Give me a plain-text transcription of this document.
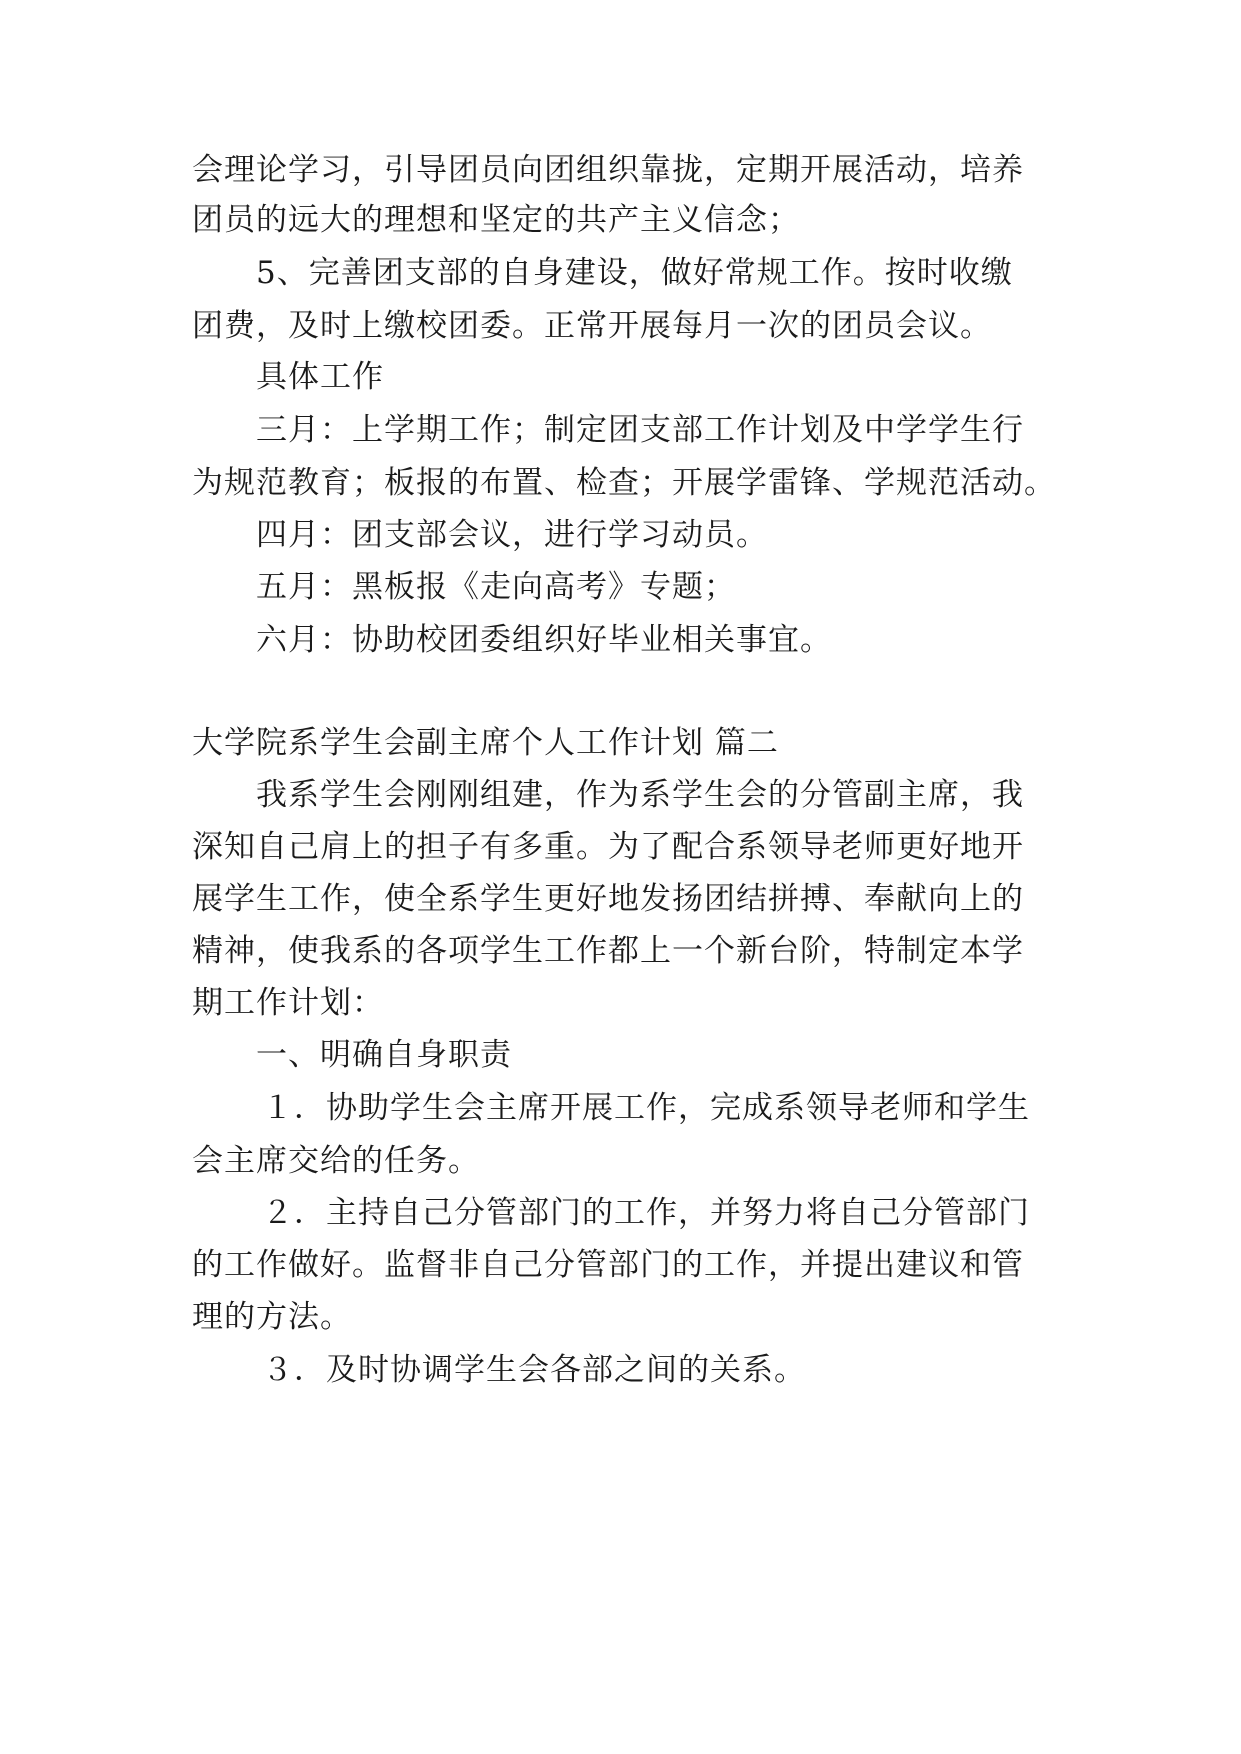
会理论学习，引导团员向团组织靠拢，定期开展活动，培养
团员的远大的理想和坚定的共产主义信念；
5、完善团支部的自身建设，做好常规工作。按时收缴
团费，及时上缴校团委。正常开展每月一次的团员会议。
具体工作
三月：上学期工作；制定团支部工作计划及中学学生行
为规范教育；板报的布置、检查；开展学雷锋、学规范活动。
四月：团支部会议，进行学习动员。
五月：黑板报《走向高考》专题；
六月：协助校团委组织好毕业相关事宜。
大学院系学生会副主席个人工作计划 篇二
我系学生会刚刚组建，作为系学生会的分管副主席，我
深知自己肩上的担子有多重。为了配合系领导老师更好地开
展学生工作，使全系学生更好地发扬团结拼搏、奉献向上的
精神，使我系的各项学生工作都上一个新台阶，特制定本学
期工作计划：
一、明确自身职责
１．协助学生会主席开展工作，完成系领导老师和学生
会主席交给的任务。
２．主持自己分管部门的工作，并努力将自己分管部门
的工作做好。监督非自己分管部门的工作，并提出建议和管
理的方法。
３．及时协调学生会各部之间的关系。
